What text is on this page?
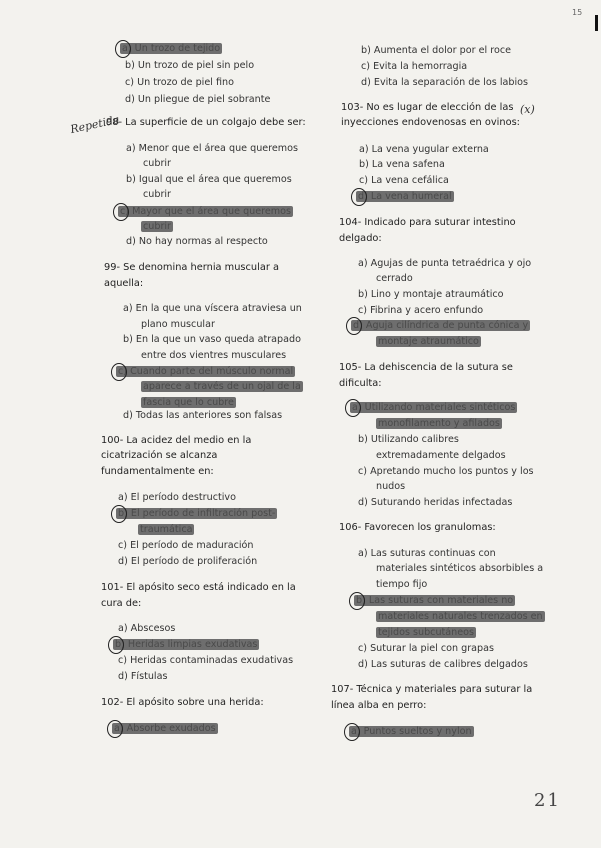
a) Un trozo de tejido
b) Un trozo de piel sin pelo
c) Un trozo de piel fino
d) Un pliegue de piel sobrante
98- La superficie de un colgajo debe ser:
a) Menor que el área que queremos
cubrir
b) Igual que el área que queremos
cubrir
c) Mayor que el área que queremos
cubrir
d) No hay normas al respecto
99- Se denomina hernia muscular a
aquella:
a) En la que una víscera atraviesa un
plano muscular
b) En la que un vaso queda atrapado
entre dos vientres musculares
c) Cuando parte del músculo normal
aparece a través de un ojal de la
fascia que lo cubre
d) Todas las anteriores son falsas
100- La acidez del medio en la
cicatrización se alcanza
fundamentalmente en:
a) El período destructivo
b) El período de infiltración post-
traumática
c) El período de maduración
d) El período de proliferación
101- El apósito seco está indicado en la
cura de:
a) Abscesos
b) Heridas limpias exudativas
c) Heridas contaminadas exudativas
d) Fístulas
102- El apósito sobre una herida:
a) Absorbe exudados
b) Aumenta el dolor por el roce
c) Evita la hemorragia
d) Evita la separación de los labios
103- No es lugar de elección de las
inyecciones endovenosas en ovinos:
a) La vena yugular externa
b) La vena safena
c) La vena cefálica
d) La vena humeral
104- Indicado para suturar intestino
delgado:
a) Agujas de punta tetraédrica y ojo
cerrado
b) Lino y montaje atraumático
c) Fibrina y acero enfundo
d) Aguja cilíndrica de punta cónica y
montaje atraumático
105- La dehiscencia de la sutura se
dificulta:
a) Utilizando materiales sintéticos
monofilamento y afilados
b) Utilizando calibres
extremadamente delgados
c) Apretando mucho los puntos y los
nudos
d) Suturando heridas infectadas
106- Favorecen los granulomas:
a) Las suturas continuas con
materiales sintéticos absorbibles a
tiempo fijo
b) Las suturas con materiales no
materiales naturales trenzados en
tejidos subcutáneos
c) Suturar la piel con grapas
d) Las suturas de calibres delgados
107- Técnica y materiales para suturar la
línea alba en perro:
a) Puntos sueltos y nylon
Repetida
(x)
21
15
